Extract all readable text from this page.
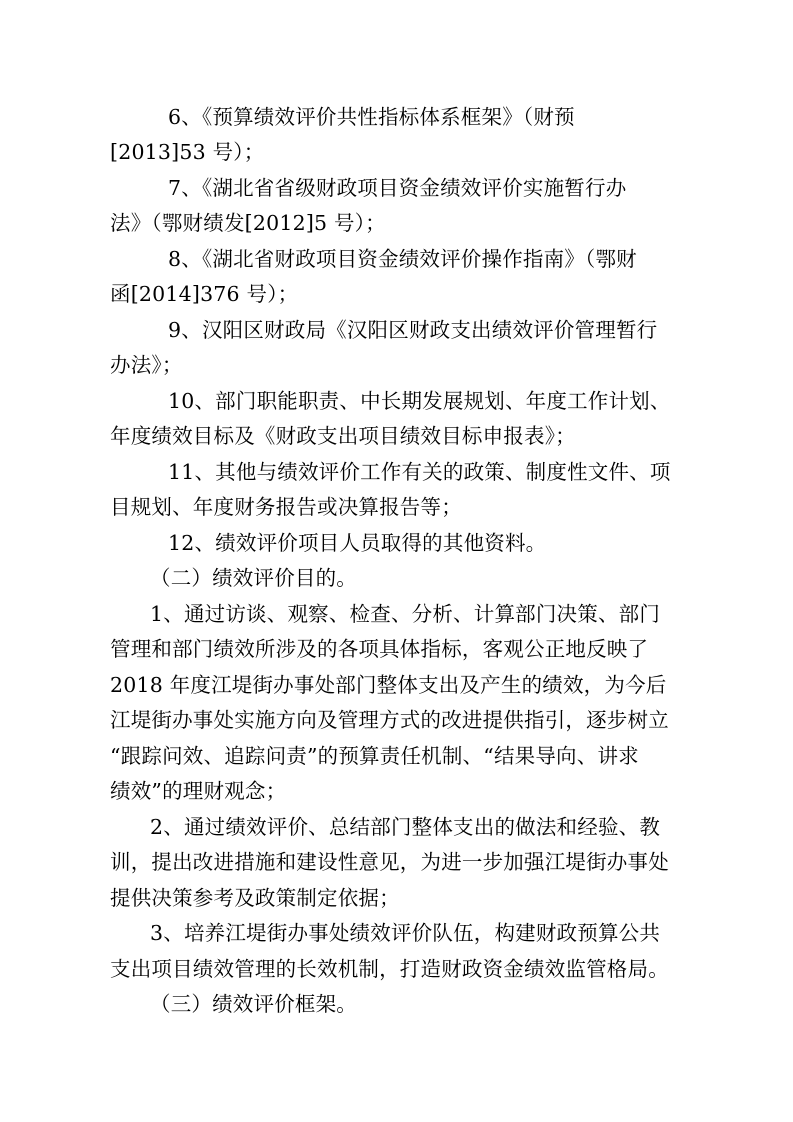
6、《预算绩效评价共性指标体系框架》（财预
[2013]53 号）；
7、《湖北省省级财政项目资金绩效评价实施暂行办
法》（鄂财绩发[2012]5 号）；
8、《湖北省财政项目资金绩效评价操作指南》（鄂财
函[2014]376 号）；
9、汉阳区财政局《汉阳区财政支出绩效评价管理暂行
办法》；
10、部门职能职责、中长期发展规划、年度工作计划、
年度绩效目标及《财政支出项目绩效目标申报表》；
11、其他与绩效评价工作有关的政策、制度性文件、项
目规划、年度财务报告或决算报告等；
12、绩效评价项目人员取得的其他资料。
（二）绩效评价目的。
1、通过访谈、观察、检查、分析、计算部门决策、部门
管理和部门绩效所涉及的各项具体指标，客观公正地反映了
2018 年度江堤街办事处部门整体支出及产生的绩效，为今后
江堤街办事处实施方向及管理方式的改进提供指引，逐步树立
“跟踪问效、追踪问责”的预算责任机制、“结果导向、讲求
绩效”的理财观念；
2、通过绩效评价、总结部门整体支出的做法和经验、教
训，提出改进措施和建设性意见，为进一步加强江堤街办事处
提供决策参考及政策制定依据；
3、培养江堤街办事处绩效评价队伍，构建财政预算公共
支出项目绩效管理的长效机制，打造财政资金绩效监管格局。
（三）绩效评价框架。
